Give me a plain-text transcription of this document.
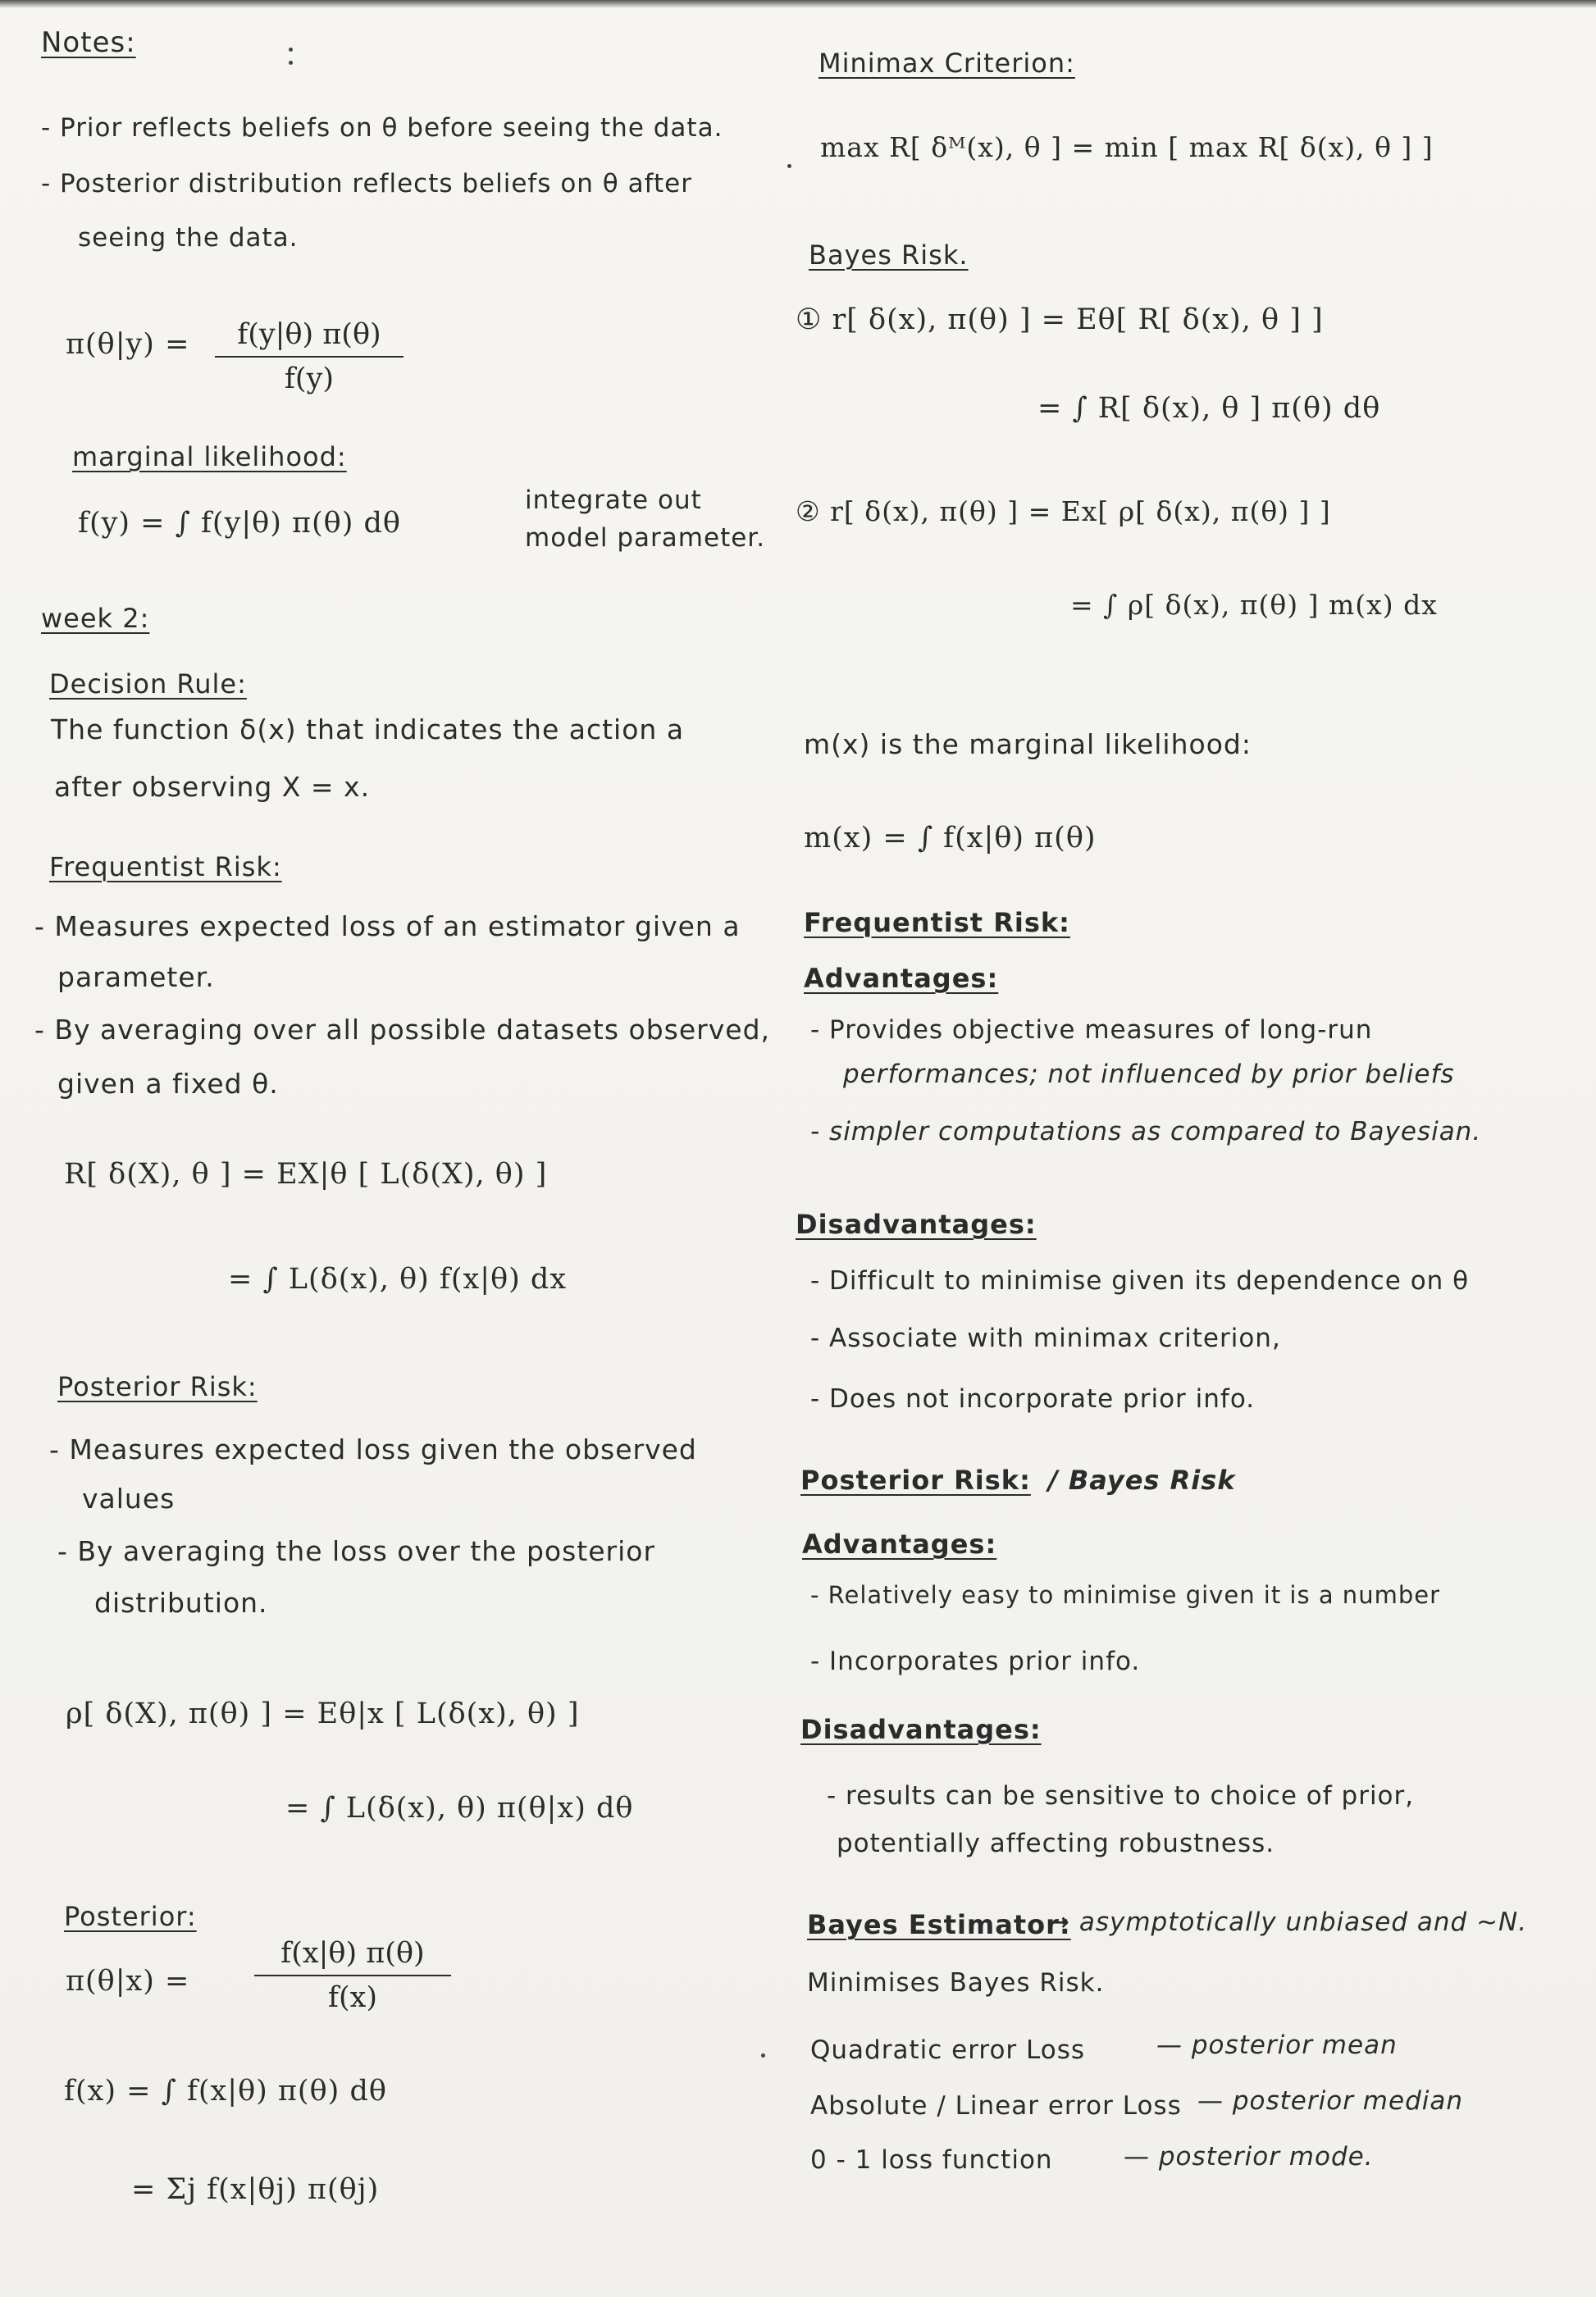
Notes:
- Prior reflects beliefs on θ before seeing the data.
- Posterior distribution reflects beliefs on θ after
seeing the data.
π(θ|y) =	f(y|θ) π(θ)
f(y)
marginal likelihood:
f(y) = ∫ f(y|θ) π(θ) dθ
integrate out
model parameter.
week 2:
Decision Rule:
The function δ(x) that indicates the action a
after observing X = x.
Frequentist Risk:
- Measures expected loss of an estimator given a
parameter.
- By averaging over all possible datasets observed,
given a fixed θ.
R[ δ(X), θ ] = EX|θ [ L(δ(X), θ) ]
= ∫ L(δ(x), θ) f(x|θ) dx
Posterior Risk:
- Measures expected loss given the observed
values
- By averaging the loss over the posterior
distribution.
ρ[ δ(X), π(θ) ] = Eθ|x [ L(δ(x), θ) ]
= ∫ L(δ(x), θ) π(θ|x) dθ
Posterior:
π(θ|x) =
f(x|θ) π(θ)
f(x)
f(x) = ∫ f(x|θ) π(θ) dθ
= Σj f(x|θj) π(θj)
Minimax Criterion:
max R[ δᴹ(x), θ ] = min [ max R[ δ(x), θ ] ]
Bayes Risk.
① r[ δ(x), π(θ) ] = Eθ[ R[ δ(x), θ ] ]
= ∫ R[ δ(x), θ ] π(θ) dθ
② r[ δ(x), π(θ) ] = Ex[ ρ[ δ(x), π(θ) ] ]
= ∫ ρ[ δ(x), π(θ) ] m(x) dx
m(x) is the marginal likelihood:
m(x) = ∫ f(x|θ) π(θ)
Frequentist Risk:
Advantages:
- Provides objective measures of long-run
performances; not influenced by prior beliefs
- simpler computations as compared to Bayesian.
Disadvantages:
- Difficult to minimise given its dependence on θ
- Associate with minimax criterion,
- Does not incorporate prior info.
Posterior Risk: / Bayes Risk
Advantages:
- Relatively easy to minimise given it is a number
- Incorporates prior info.
Disadvantages:
- results can be sensitive to choice of prior,
potentially affecting robustness.
Bayes Estimator:
→ asymptotically unbiased and ∼N.
Minimises Bayes Risk.
Quadratic error Loss	— posterior mean
Absolute / Linear error Loss — posterior median
0 - 1 loss function	— posterior mode.
